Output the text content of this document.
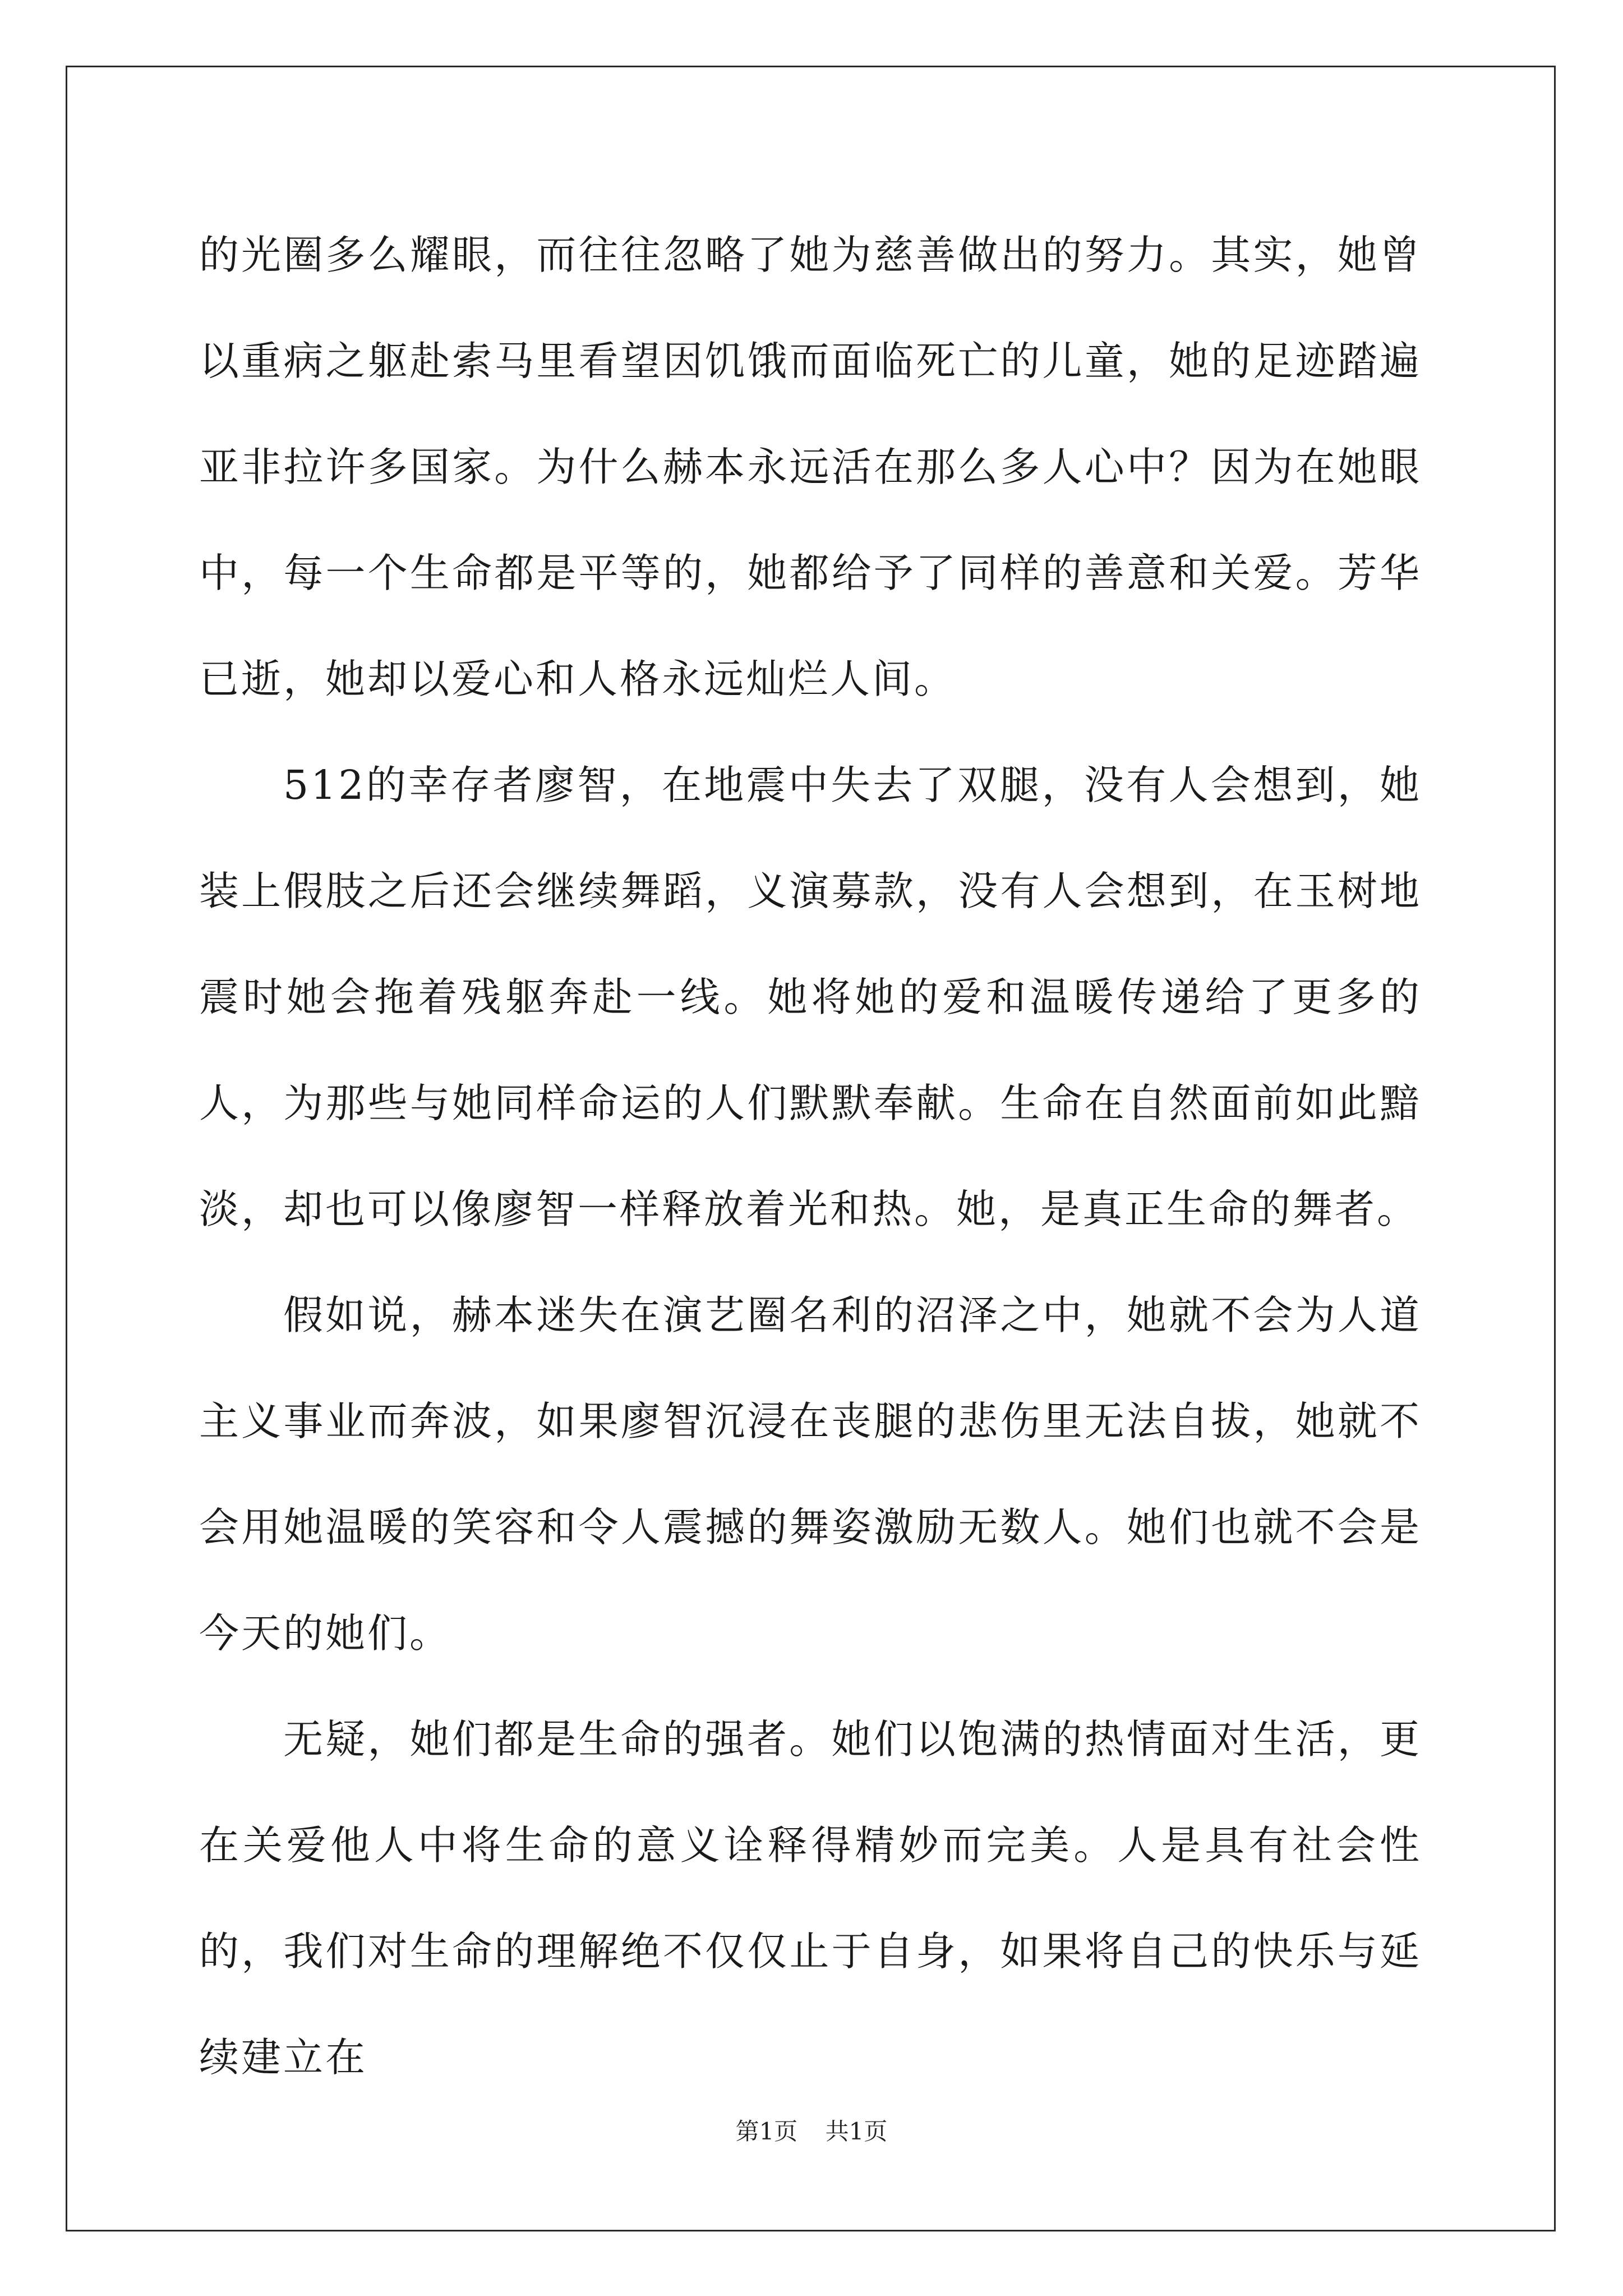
的光圈多么耀眼，而往往忽略了她为慈善做出的努力。其实，她曾以重病之躯赴索马里看望因饥饿而面临死亡的儿童，她的足迹踏遍亚非拉许多国家。为什么赫本永远活在那么多人心中？因为在她眼中，每一个生命都是平等的，她都给予了同样的善意和关爱。芳华已逝，她却以爱心和人格永远灿烂人间。

512的幸存者廖智，在地震中失去了双腿，没有人会想到，她装上假肢之后还会继续舞蹈，义演募款，没有人会想到，在玉树地震时她会拖着残躯奔赴一线。她将她的爱和温暖传递给了更多的人，为那些与她同样命运的人们默默奉献。生命在自然面前如此黯淡，却也可以像廖智一样释放着光和热。她，是真正生命的舞者。

假如说，赫本迷失在演艺圈名利的沼泽之中，她就不会为人道主义事业而奔波，如果廖智沉浸在丧腿的悲伤里无法自拔，她就不会用她温暖的笑容和令人震撼的舞姿激励无数人。她们也就不会是今天的她们。

无疑，她们都是生命的强者。她们以饱满的热情面对生活，更在关爱他人中将生命的意义诠释得精妙而完美。人是具有社会性的，我们对生命的理解绝不仅仅止于自身，如果将自己的快乐与延续建立在

第1页 共1页
